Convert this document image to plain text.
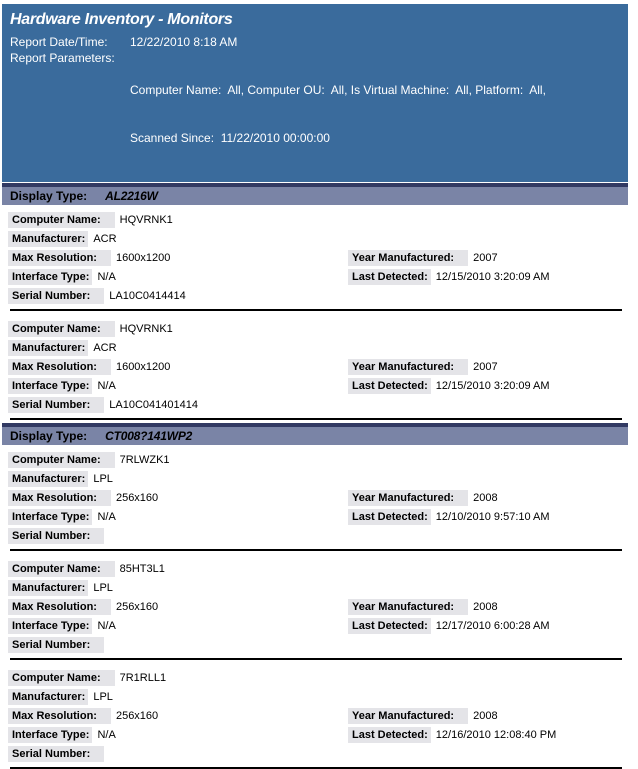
Hardware Inventory - Monitors
Report Date/Time:	12/22/2010 8:18 AM
Report Parameters:

Computer Name:  All, Computer OU:  All, Is Virtual Machine:  All, Platform:  All,

Scanned Since:  11/22/2010 00:00:00

Display Type: AL2216W
Computer Name:	HQVRNK1
Manufacturer: ACR
Max Resolution:	1600x1200	Year Manufactured:	2007
Interface Type: N/A	Last Detected: 12/15/2010 3:20:09 AM
Serial Number:	LA10C0414414
Computer Name:	HQVRNK1
Manufacturer: ACR
Max Resolution:	1600x1200	Year Manufactured:	2007
Interface Type: N/A	Last Detected: 12/15/2010 3:20:09 AM
Serial Number:	LA10C041401414
Display Type: CT008?141WP2
Computer Name:	7RLWZK1
Manufacturer: LPL
Max Resolution:	256x160	Year Manufactured:	2008
Interface Type: N/A	Last Detected: 12/10/2010 9:57:10 AM
Serial Number:
Computer Name:	85HT3L1
Manufacturer: LPL
Max Resolution:	256x160	Year Manufactured:	2008
Interface Type: N/A	Last Detected: 12/17/2010 6:00:28 AM
Serial Number:
Computer Name:	7R1RLL1
Manufacturer: LPL
Max Resolution:	256x160	Year Manufactured:	2008
Interface Type: N/A	Last Detected: 12/16/2010 12:08:40 PM
Serial Number:
